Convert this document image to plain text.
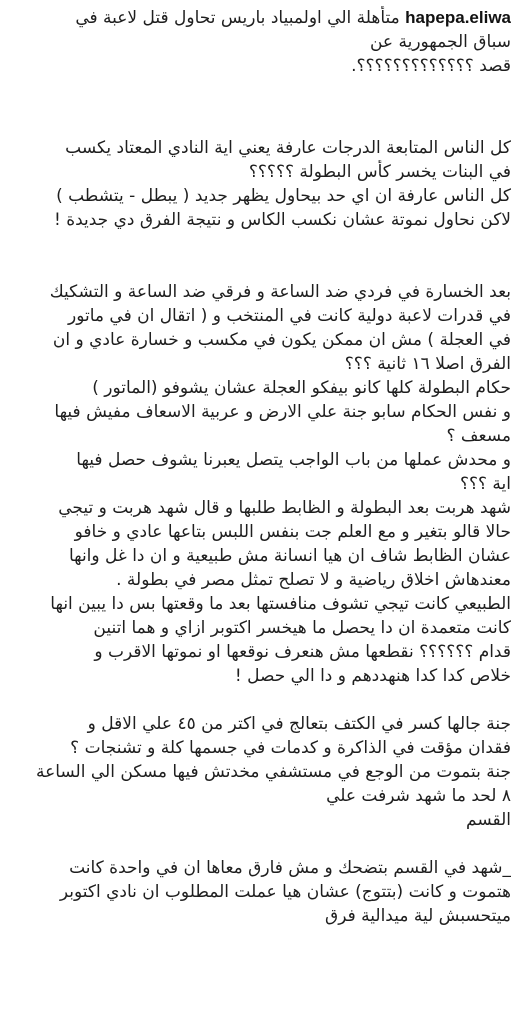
hapepa.eliwa متأهلة الي اولمبياد باريس تحاول قتل لاعبة في
سباق الجمهورية عن
قصد ؟؟؟؟؟؟؟؟؟؟؟؟؟.
كل الناس المتابعة الدرجات عارفة يعني اية النادي المعتاد يكسب
في البنات يخسر كأس البطولة ؟؟؟؟؟
كل الناس عارفة ان اي حد بيحاول يظهر جديد ( يبطل - يتشطب )
لاكن نحاول نموتة عشان نكسب الكاس و نتيجة الفرق دي جديدة !
بعد الخسارة في فردي ضد الساعة و فرقي ضد الساعة و التشكيك
في قدرات لاعبة دولية كانت في المنتخب و ( اتقال ان في ماتور
في العجلة ) مش ان ممكن يكون في مكسب و خسارة عادي و ان
الفرق اصلا ١٦ ثانية ؟؟؟
حكام البطولة كلها كانو بيفكو العجلة عشان يشوفو (الماتور )
و نفس الحكام سابو جنة علي الارض و عربية الاسعاف مفيش فيها
مسعف ؟
و محدش عملها من باب الواجب يتصل يعبرنا يشوف حصل فيها
اية ؟؟؟
شهد هربت بعد البطولة و الظابط طلبها و قال شهد هربت و تيجي
حالا قالو بتغير و مع العلم جت بنفس اللبس بتاعها عادي و خافو
عشان الظابط شاف ان هيا انسانة مش طبيعية و ان دا غل وانها
معندهاش اخلاق رياضية و لا تصلح تمثل مصر في بطولة .
الطبيعي كانت تيجي تشوف منافستها بعد ما وقعتها بس دا يبين انها
كانت متعمدة ان دا يحصل ما هيخسر اكتوبر ازاي و هما اتنين
قدام ؟؟؟؟؟؟ نقطعها مش هنعرف نوقعها او نموتها الاقرب و
خلاص كدا كدا هنهددهم و دا الي حصل !
جنة جالها كسر في الكتف بتعالج في اكتر من ٤٥ علي الاقل و
فقدان مؤقت في الذاكرة و كدمات في جسمها كلة و تشنجات ؟
جنة بتموت من الوجع في مستشفي مخدتش فيها مسكن الي الساعة
٨ لحد ما شهد شرفت علي
القسم
_شهد في القسم بتضحك و مش فارق معاها ان في واحدة كانت
هتموت و كانت (بتتوج) عشان هيا عملت المطلوب ان نادي اكتوبر
ميتحسبش لية ميدالية فرق
